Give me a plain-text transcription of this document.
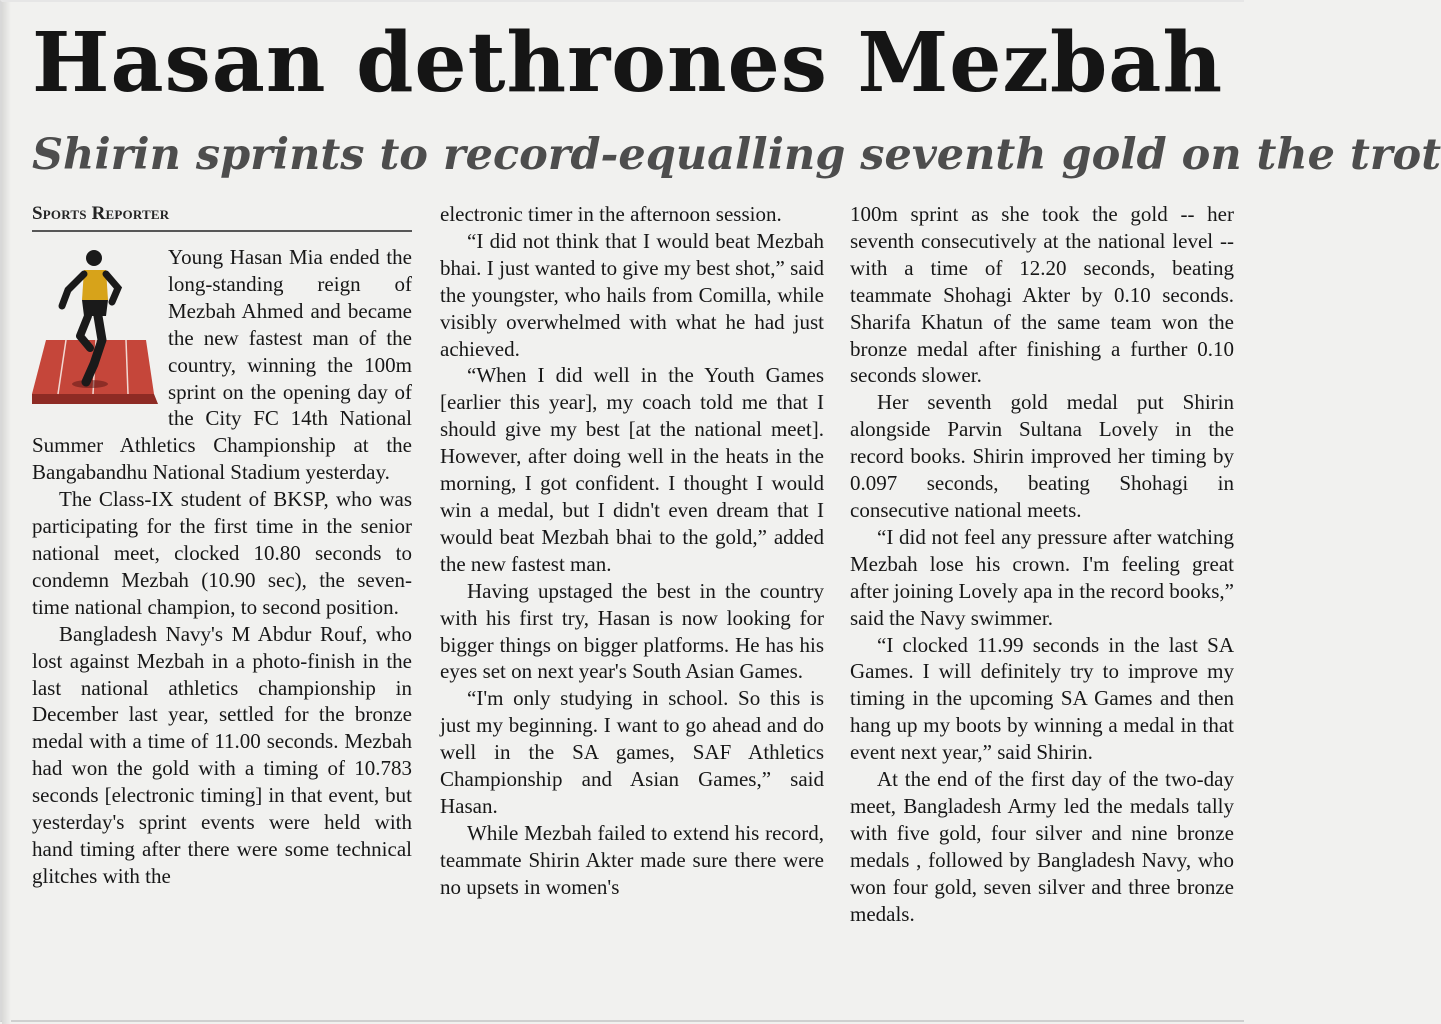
Hasan dethrones Mezbah
Shirin sprints to record-equalling seventh gold on the trot
Sports Reporter

Young Hasan Mia ended the long-standing reign of Mezbah Ahmed and became the new fastest man of the country, winning the 100m sprint on the opening day of the City FC 14th National Summer Athletics Championship at the Bangabandhu National Stadium yesterday.

The Class-IX student of BKSP, who was participating for the first time in the senior national meet, clocked 10.80 seconds to condemn Mezbah (10.90 sec), the seven-time national champion, to second position.

Bangladesh Navy's M Abdur Rouf, who lost against Mezbah in a photo-finish in the last national athletics championship in December last year, settled for the bronze medal with a time of 11.00 seconds. Mezbah had won the gold with a timing of 10.783 seconds [electronic timing] in that event, but yesterday's sprint events were held with hand timing after there were some technical glitches with the

electronic timer in the afternoon session.

“I did not think that I would beat Mezbah bhai. I just wanted to give my best shot,” said the youngster, who hails from Comilla, while visibly overwhelmed with what he had just achieved.

“When I did well in the Youth Games [earlier this year], my coach told me that I should give my best [at the national meet]. However, after doing well in the heats in the morning, I got confident. I thought I would win a medal, but I didn't even dream that I would beat Mezbah bhai to the gold,” added the new fastest man.

Having upstaged the best in the country with his first try, Hasan is now looking for bigger things on bigger platforms. He has his eyes set on next year's South Asian Games.

“I'm only studying in school. So this is just my beginning. I want to go ahead and do well in the SA games, SAF Athletics Championship and Asian Games,” said Hasan.

While Mezbah failed to extend his record, teammate Shirin Akter made sure there were no upsets in women's

100m sprint as she took the gold -- her seventh consecutively at the national level -- with a time of 12.20 seconds, beating teammate Shohagi Akter by 0.10 seconds. Sharifa Khatun of the same team won the bronze medal after finishing a further 0.10 seconds slower.

Her seventh gold medal put Shirin alongside Parvin Sultana Lovely in the record books. Shirin improved her timing by 0.097 seconds, beating Shohagi in consecutive national meets.

“I did not feel any pressure after watching Mezbah lose his crown. I'm feeling great after joining Lovely apa in the record books,” said the Navy swimmer.

“I clocked 11.99 seconds in the last SA Games. I will definitely try to improve my timing in the upcoming SA Games and then hang up my boots by winning a medal in that event next year,” said Shirin.

At the end of the first day of the two-day meet, Bangladesh Army led the medals tally with five gold, four silver and nine bronze medals , followed by Bangladesh Navy, who won four gold, seven silver and three bronze medals.
